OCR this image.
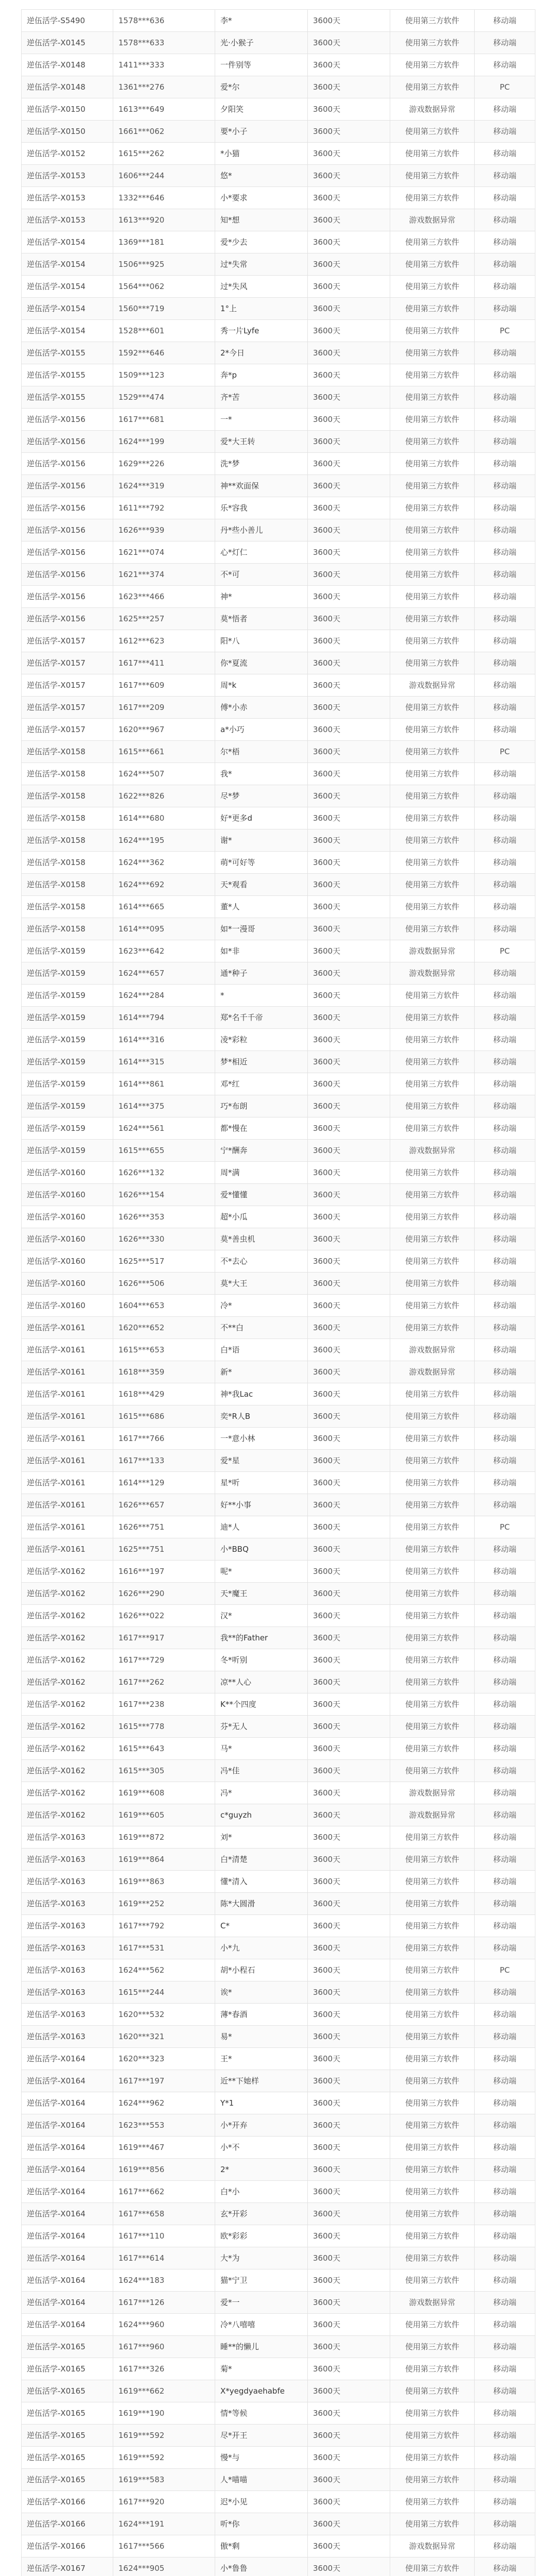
逆伍活学-S5490	1578***636	李*	3600天	使用第三方软件	移动端
逆伍活学-X0145	1578***633	光·小猴子	3600天	使用第三方软件	移动端
逆伍活学-X0148	1411***333	一件别等	3600天	使用第三方软件	移动端
逆伍活学-X0148	1361***276	爱*尔	3600天	使用第三方软件	PC
逆伍活学-X0150	1613***649	夕阳笑	3600天	游戏数据异常	移动端
逆伍活学-X0150	1661***062	要*小子	3600天	使用第三方软件	移动端
逆伍活学-X0152	1615***262	*小猫	3600天	使用第三方软件	移动端
逆伍活学-X0153	1606***244	悠*	3600天	使用第三方软件	移动端
逆伍活学-X0153	1332***646	小*要求	3600天	使用第三方软件	移动端
逆伍活学-X0153	1613***920	知*想	3600天	游戏数据异常	移动端
逆伍活学-X0154	1369***181	爱*少去	3600天	使用第三方软件	移动端
逆伍活学-X0154	1506***925	过*失常	3600天	使用第三方软件	移动端
逆伍活学-X0154	1564***062	过*失风	3600天	使用第三方软件	移动端
逆伍活学-X0154	1560***719	1°上	3600天	使用第三方软件	移动端
逆伍活学-X0154	1528***601	秀一片Lyfe	3600天	使用第三方软件	PC
逆伍活学-X0155	1592***646	2*今日	3600天	使用第三方软件	移动端
逆伍活学-X0155	1509***123	奔*p	3600天	使用第三方软件	移动端
逆伍活学-X0155	1529***474	齐*苦	3600天	使用第三方软件	移动端
逆伍活学-X0156	1617***681	一*	3600天	使用第三方软件	移动端
逆伍活学-X0156	1624***199	爱*大王转	3600天	使用第三方软件	移动端
逆伍活学-X0156	1629***226	洗*梦	3600天	使用第三方软件	移动端
逆伍活学-X0156	1624***319	神**欢面保	3600天	使用第三方软件	移动端
逆伍活学-X0156	1611***792	乐*容我	3600天	使用第三方软件	移动端
逆伍活学-X0156	1626***939	丹*些小善儿	3600天	使用第三方软件	移动端
逆伍活学-X0156	1621***074	心*灯仁	3600天	使用第三方软件	移动端
逆伍活学-X0156	1621***374	不*可	3600天	使用第三方软件	移动端
逆伍活学-X0156	1623***466	神*	3600天	使用第三方软件	移动端
逆伍活学-X0156	1625***257	莫*悟者	3600天	使用第三方软件	移动端
逆伍活学-X0157	1612***623	阳*八	3600天	使用第三方软件	移动端
逆伍活学-X0157	1617***411	你*夏流	3600天	使用第三方软件	移动端
逆伍活学-X0157	1617***609	周*k	3600天	游戏数据异常	移动端
逆伍活学-X0157	1617***209	傅*小赤	3600天	使用第三方软件	移动端
逆伍活学-X0157	1620***967	a*小巧	3600天	使用第三方软件	移动端
逆伍活学-X0158	1615***661	尔*梧	3600天	使用第三方软件	PC
逆伍活学-X0158	1624***507	我*	3600天	使用第三方软件	移动端
逆伍活学-X0158	1622***826	尽*梦	3600天	使用第三方软件	移动端
逆伍活学-X0158	1614***680	好*更多d	3600天	使用第三方软件	移动端
逆伍活学-X0158	1624***195	谢*	3600天	使用第三方软件	移动端
逆伍活学-X0158	1624***362	萌*可好等	3600天	使用第三方软件	移动端
逆伍活学-X0158	1624***692	天*观看	3600天	使用第三方软件	移动端
逆伍活学-X0158	1614***665	董*人	3600天	使用第三方软件	移动端
逆伍活学-X0158	1614***095	如*一漫哥	3600天	使用第三方软件	移动端
逆伍活学-X0159	1623***642	如*非	3600天	游戏数据异常	PC
逆伍活学-X0159	1624***657	通*种子	3600天	游戏数据异常	移动端
逆伍活学-X0159	1624***284	*	3600天	使用第三方软件	移动端
逆伍活学-X0159	1614***794	郑*名千千帝	3600天	使用第三方软件	移动端
逆伍活学-X0159	1614***316	凌*彩粒	3600天	使用第三方软件	移动端
逆伍活学-X0159	1614***315	梦*相近	3600天	使用第三方软件	移动端
逆伍活学-X0159	1614***861	邓*红	3600天	使用第三方软件	移动端
逆伍活学-X0159	1614***375	巧*布朗	3600天	使用第三方软件	移动端
逆伍活学-X0159	1624***561	都*慢在	3600天	使用第三方软件	移动端
逆伍活学-X0159	1615***655	宁*酬奔	3600天	游戏数据异常	移动端
逆伍活学-X0160	1626***132	周*满	3600天	使用第三方软件	移动端
逆伍活学-X0160	1626***154	爱*懂懂	3600天	使用第三方软件	移动端
逆伍活学-X0160	1626***353	超*小瓜	3600天	使用第三方软件	移动端
逆伍活学-X0160	1626***330	莫*善虫机	3600天	使用第三方软件	移动端
逆伍活学-X0160	1625***517	不*去心	3600天	使用第三方软件	移动端
逆伍活学-X0160	1626***506	莫*大王	3600天	使用第三方软件	移动端
逆伍活学-X0160	1604***653	冷*	3600天	使用第三方软件	移动端
逆伍活学-X0161	1620***652	不**白	3600天	使用第三方软件	移动端
逆伍活学-X0161	1615***653	白*语	3600天	游戏数据异常	移动端
逆伍活学-X0161	1618***359	新*	3600天	游戏数据异常	移动端
逆伍活学-X0161	1618***429	神*我Lac	3600天	使用第三方软件	移动端
逆伍活学-X0161	1615***686	奕*R人B	3600天	使用第三方软件	移动端
逆伍活学-X0161	1617***766	一*意小林	3600天	使用第三方软件	移动端
逆伍活学-X0161	1617***133	爱*星	3600天	使用第三方软件	移动端
逆伍活学-X0161	1614***129	星*听	3600天	使用第三方软件	移动端
逆伍活学-X0161	1626***657	好**小事	3600天	使用第三方软件	移动端
逆伍活学-X0161	1626***751	迪*人	3600天	使用第三方软件	PC
逆伍活学-X0161	1625***751	小*BBQ	3600天	使用第三方软件	移动端
逆伍活学-X0162	1616***197	呢*	3600天	使用第三方软件	移动端
逆伍活学-X0162	1626***290	天*魔王	3600天	使用第三方软件	移动端
逆伍活学-X0162	1626***022	汉*	3600天	使用第三方软件	移动端
逆伍活学-X0162	1617***917	我**的Father	3600天	使用第三方软件	移动端
逆伍活学-X0162	1617***729	冬*听别	3600天	使用第三方软件	移动端
逆伍活学-X0162	1617***262	凉**人心	3600天	使用第三方软件	移动端
逆伍活学-X0162	1617***238	K**个四度	3600天	使用第三方软件	移动端
逆伍活学-X0162	1615***778	芬*无人	3600天	使用第三方软件	移动端
逆伍活学-X0162	1615***643	马*	3600天	使用第三方软件	移动端
逆伍活学-X0162	1615***305	冯*佳	3600天	使用第三方软件	移动端
逆伍活学-X0162	1619***608	冯*	3600天	游戏数据异常	移动端
逆伍活学-X0162	1619***605	c*guyzh	3600天	游戏数据异常	移动端
逆伍活学-X0163	1619***872	刘*	3600天	使用第三方软件	移动端
逆伍活学-X0163	1619***864	白*清楚	3600天	使用第三方软件	移动端
逆伍活学-X0163	1619***863	懂*清入	3600天	使用第三方软件	移动端
逆伍活学-X0163	1619***252	陈*大圆滑	3600天	使用第三方软件	移动端
逆伍活学-X0163	1617***792	C*	3600天	使用第三方软件	移动端
逆伍活学-X0163	1617***531	小*九	3600天	使用第三方软件	移动端
逆伍活学-X0163	1624***562	胡*小程石	3600天	使用第三方软件	PC
逆伍活学-X0163	1615***244	诶*	3600天	使用第三方软件	移动端
逆伍活学-X0163	1620***532	薄*春酒	3600天	使用第三方软件	移动端
逆伍活学-X0163	1620***321	易*	3600天	使用第三方软件	移动端
逆伍活学-X0164	1620***323	王*	3600天	使用第三方软件	移动端
逆伍活学-X0164	1617***197	近**下她样	3600天	使用第三方软件	移动端
逆伍活学-X0164	1624***962	Y*1	3600天	使用第三方软件	移动端
逆伍活学-X0164	1623***553	小*开弃	3600天	使用第三方软件	移动端
逆伍活学-X0164	1619***467	小*不	3600天	使用第三方软件	移动端
逆伍活学-X0164	1619***856	2*	3600天	使用第三方软件	移动端
逆伍活学-X0164	1617***662	白*小	3600天	使用第三方软件	移动端
逆伍活学-X0164	1617***658	玄*开彩	3600天	使用第三方软件	移动端
逆伍活学-X0164	1617***110	欧*彩彩	3600天	使用第三方软件	移动端
逆伍活学-X0164	1617***614	大*为	3600天	使用第三方软件	移动端
逆伍活学-X0164	1624***183	猫*宁卫	3600天	使用第三方软件	移动端
逆伍活学-X0164	1617***126	爱*一	3600天	游戏数据异常	移动端
逆伍活学-X0164	1624***960	冷*八嘻嘻	3600天	使用第三方软件	移动端
逆伍活学-X0165	1617***960	睡**的懒儿	3600天	使用第三方软件	移动端
逆伍活学-X0165	1617***326	菊*	3600天	使用第三方软件	移动端
逆伍活学-X0165	1619***662	X*yegdyaehabfe	3600天	使用第三方软件	移动端
逆伍活学-X0165	1619***190	情*等候	3600天	使用第三方软件	移动端
逆伍活学-X0165	1619***592	尽*开王	3600天	使用第三方软件	移动端
逆伍活学-X0165	1619***592	慢*与	3600天	使用第三方软件	移动端
逆伍活学-X0165	1619***583	人*喵喵	3600天	使用第三方软件	移动端
逆伍活学-X0166	1617***920	迟*小见	3600天	使用第三方软件	移动端
逆伍活学-X0166	1624***191	听*你	3600天	使用第三方软件	移动端
逆伍活学-X0166	1617***566	傲*剩	3600天	游戏数据异常	移动端
逆伍活学-X0167	1624***905	小*鲁鲁	3600天	使用第三方软件	移动端
